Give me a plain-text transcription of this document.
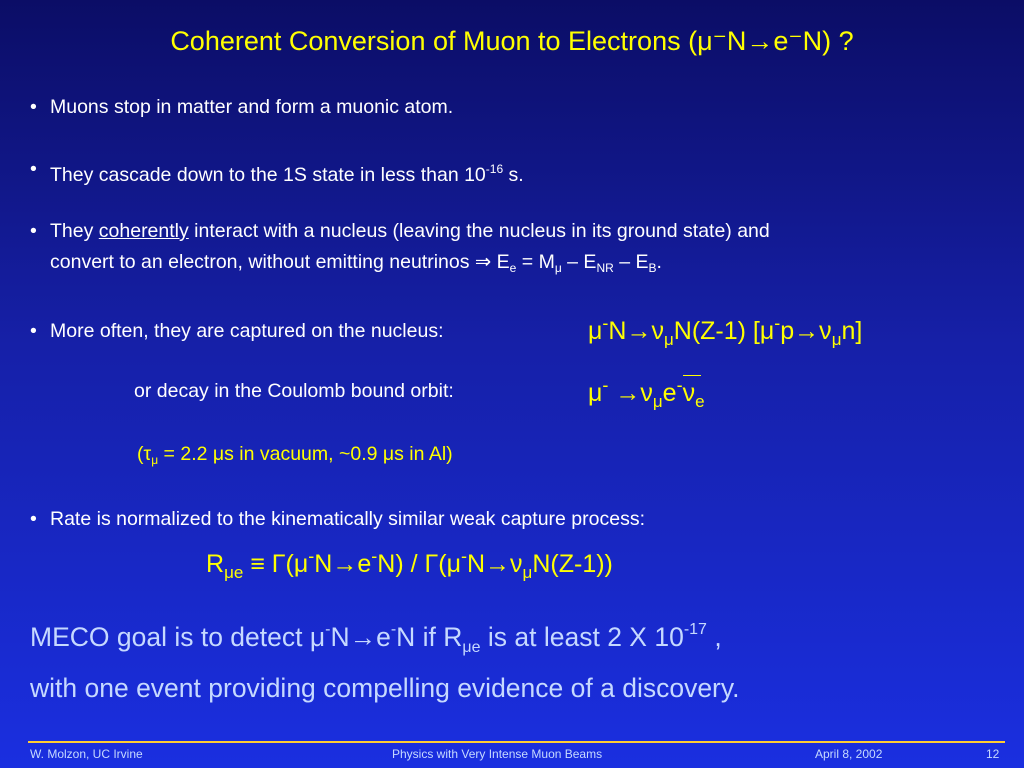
Coherent Conversion of Muon to Electrons (μ⁻N→e⁻N) ?
• Muons stop in matter and form a muonic atom.
• They cascade down to the 1S state in less than $10^{-16}$ s.
• They coherently interact with a nucleus (leaving the nucleus in its ground state) and
convert to an electron, without emitting neutrinos ⇒ $E_e = M_\mu - E_{NR} - E_B$.
• More often, they are captured on the nucleus:	$\mu^-N\to\nu_\mu N(Z-1)$ $[\mu^-p\to\nu_\mu n]$
or decay in the Coulomb bound orbit:	$\mu^- \to\nu_\mu e^-\nu_e$
($\tau_\mu = 2.2$ μs in vacuum, ~0.9 μs in Al)
• Rate is normalized to the kinematically similar weak capture process:
$R_{\mu e} \equiv \Gamma(\mu^-N\to e^-N) / \Gamma(\mu^-N\to\nu_\mu N(Z-1))$
MECO goal is to detect μ-N→e-N if $R_{\mu e}$ is at least 2 X $10^{-17}$ ,
with one event providing compelling evidence of a discovery.
W. Molzon, UC Irvine	Physics with Very Intense Muon Beams	April 8, 2002	12
